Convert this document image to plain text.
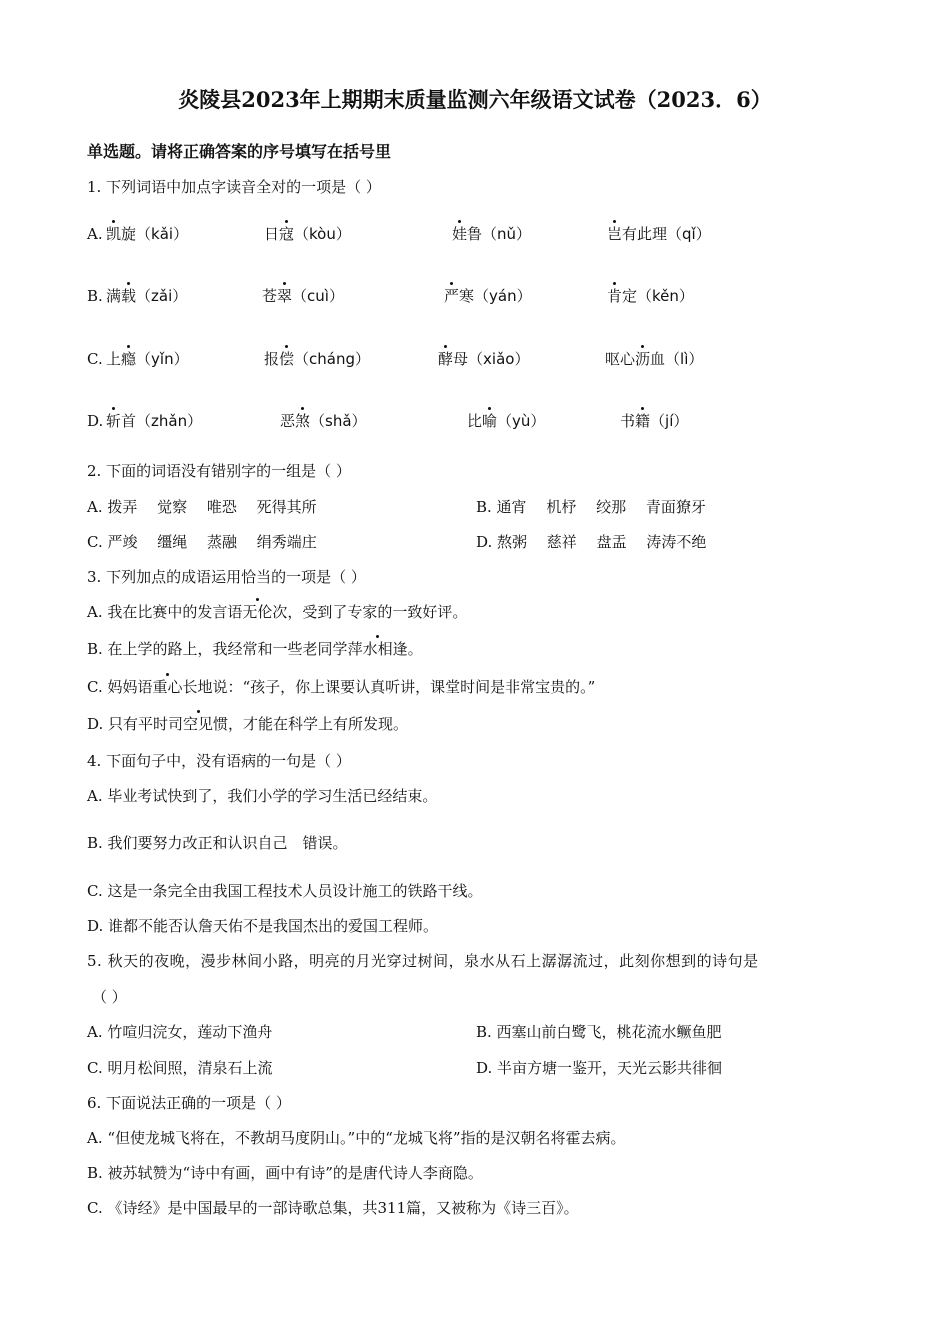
炎陵县2023年上期期末质量监测六年级语文试卷（2023．6）
单选题。请将正确答案的序号填写在括号里
1. 下列词语中加点字读音全对的一项是（ ）
A. 凯旋（kǎi）	日寇（kòu）	娃鲁（nǔ）	岂有此理（qǐ）
B. 满载（zǎi）	苍翠（cuì）	严寒（yán）	肯定（kěn）
C. 上瘾（yǐn）	报偿（cháng）	酵母（xiǎo）	呕心沥血（lì）
D. 斩首（zhǎn）	恶煞（shǎ）	比喻（yù）	书籍（jí）
2. 下面的词语没有错别字的一组是（ ）
A. 拨弄　 觉察　 唯恐　 死得其所	B. 通宵　 机杼　 绞那　 青面獠牙
C. 严竣　 缰绳　 蒸融　 绢秀端庄	D. 熬粥　 慈祥　 盘盂　 涛涛不绝
3. 下列加点的成语运用恰当的一项是（ ）
A. 我在比赛中的发言语无伦次，受到了专家的一致好评。
B. 在上学的路上，我经常和一些老同学萍水相逢。
C. 妈妈语重心长地说：“孩子，你上课要认真听讲，课堂时间是非常宝贵的。”
D. 只有平时司空见惯，才能在科学上有所发现。
4. 下面句子中，没有语病的一句是（ ）
A. 毕业考试快到了，我们小学的学习生活已经结束。
B. 我们要努力改正和认识自己　错误。
C. 这是一条完全由我国工程技术人员设计施工的铁路干线。
D. 谁都不能否认詹天佑不是我国杰出的爱国工程师。
5. 秋天的夜晚，漫步林间小路，明亮的月光穿过树间，泉水从石上潺潺流过，此刻你想到的诗句是
（ ）
A. 竹喧归浣女，莲动下渔舟	B. 西塞山前白鹭飞，桃花流水鳜鱼肥
C. 明月松间照，清泉石上流	D. 半亩方塘一鉴开，天光云影共徘徊
6. 下面说法正确的一项是（ ）
A. “但使龙城飞将在，不教胡马度阴山。”中的“龙城飞将”指的是汉朝名将霍去病。
B. 被苏轼赞为“诗中有画，画中有诗”的是唐代诗人李商隐。
C. 《诗经》是中国最早的一部诗歌总集，共311篇，又被称为《诗三百》。
